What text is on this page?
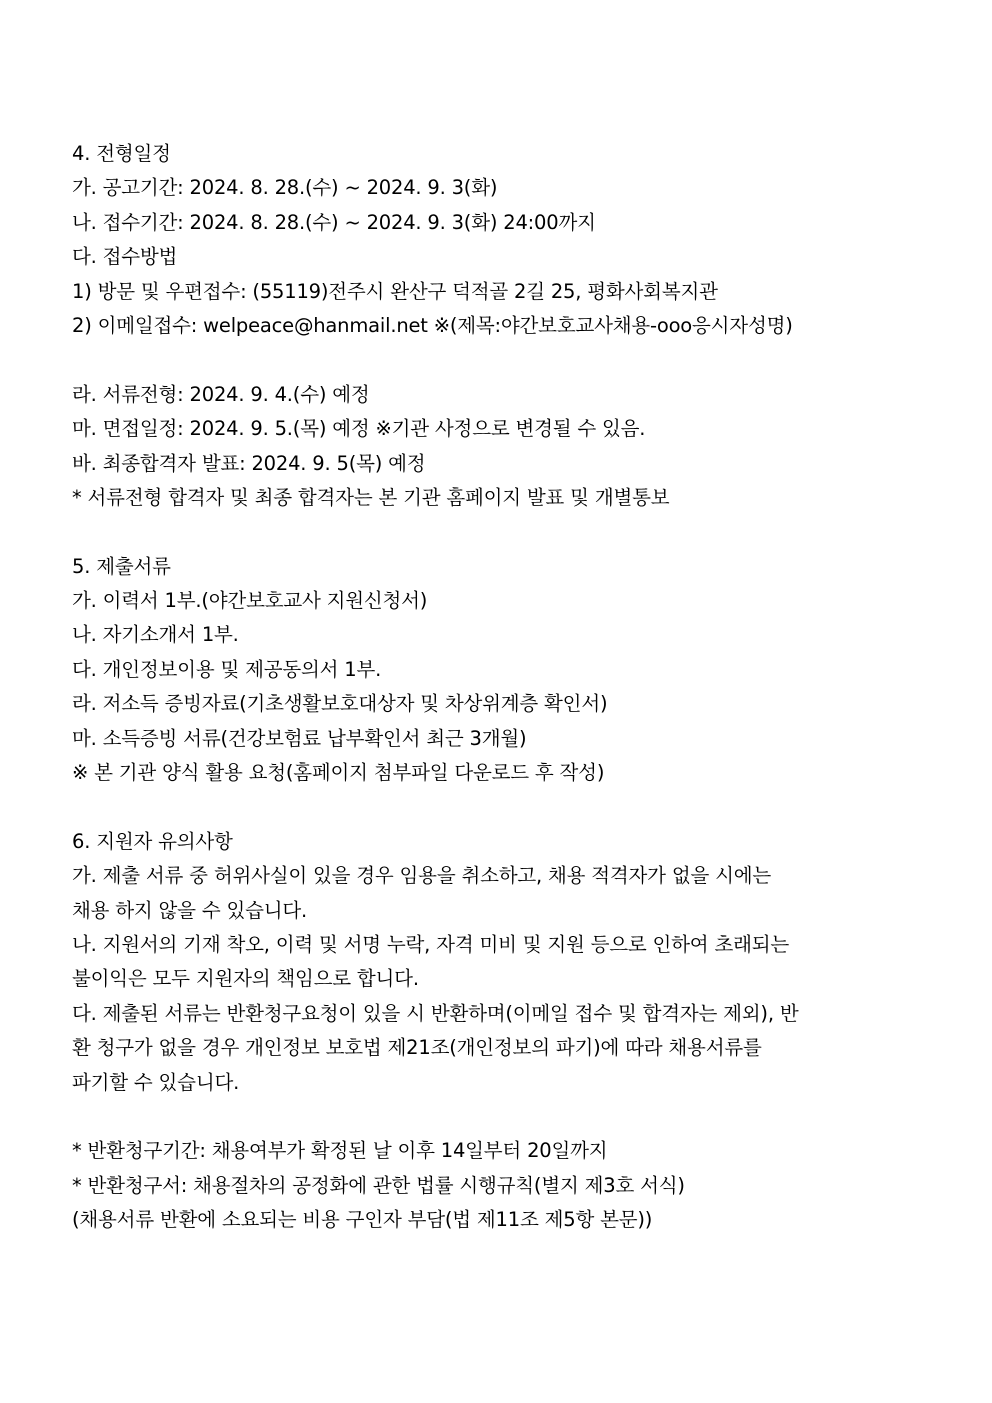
4. 전형일정
가. 공고기간: 2024. 8. 28.(수) ~ 2024. 9. 3(화)
나. 접수기간: 2024. 8. 28.(수) ~ 2024. 9. 3(화) 24:00까지
다. 접수방법
1) 방문 및 우편접수: (55119)전주시 완산구 덕적골 2길 25, 평화사회복지관
2) 이메일접수: welpeace@hanmail.net ※(제목:야간보호교사채용-ooo응시자성명)
라. 서류전형: 2024. 9. 4.(수) 예정
마. 면접일정: 2024. 9. 5.(목) 예정 ※기관 사정으로 변경될 수 있음.
바. 최종합격자 발표: 2024. 9. 5(목) 예정
* 서류전형 합격자 및 최종 합격자는 본 기관 홈페이지 발표 및 개별통보
5. 제출서류
가. 이력서 1부.(야간보호교사 지원신청서)
나. 자기소개서 1부.
다. 개인정보이용 및 제공동의서 1부.
라. 저소득 증빙자료(기초생활보호대상자 및 차상위계층 확인서)
마. 소득증빙 서류(건강보험료 납부확인서 최근 3개월)
※ 본 기관 양식 활용 요청(홈페이지 첨부파일 다운로드 후 작성)
6. 지원자 유의사항
가. 제출 서류 중 허위사실이 있을 경우 임용을 취소하고, 채용 적격자가 없을 시에는
채용 하지 않을 수 있습니다.
나. 지원서의 기재 착오, 이력 및 서명 누락, 자격 미비 및 지원 등으로 인하여 초래되는
불이익은 모두 지원자의 책임으로 합니다.
다. 제출된 서류는 반환청구요청이 있을 시 반환하며(이메일 접수 및 합격자는 제외), 반
환 청구가 없을 경우 개인정보 보호법 제21조(개인정보의 파기)에 따라 채용서류를
파기할 수 있습니다.
* 반환청구기간: 채용여부가 확정된 날 이후 14일부터 20일까지
* 반환청구서: 채용절차의 공정화에 관한 법률 시행규칙(별지 제3호 서식)
(채용서류 반환에 소요되는 비용 구인자 부담(법 제11조 제5항 본문))
